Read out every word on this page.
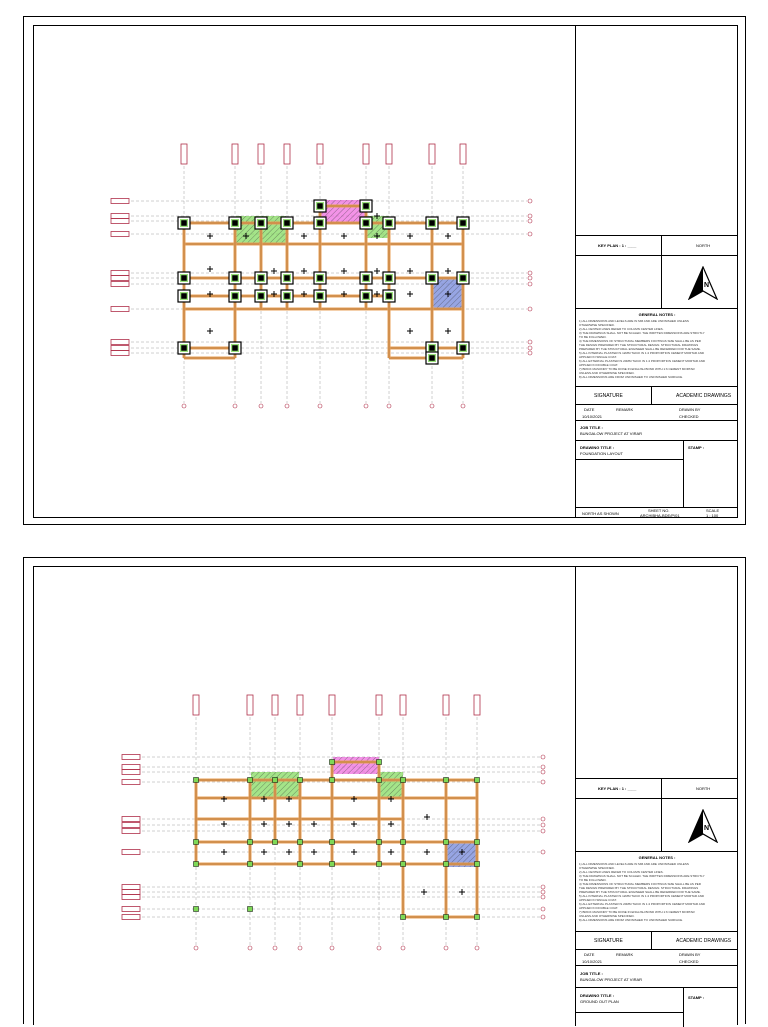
KEY PLAN : 1 : ____	NORTH
N
GENERAL NOTES :
1) ALL DIMENSIONS AND LEVELS ARE IN MM AND ARE UNFINISHED UNLESS
OTHERWISE SPECIFIED.
2) ALL CENTER LINES REFER TO COLUMN CENTER LINES.
3) THE DRAWINGS SHALL NOT BE SCALED. THE WRITTEN DIMENSIONS ARE STRICTLY
TO BE FOLLOWED.
4) THE DIMENSIONS OF STRUCTURAL MEMBERS FOOTINGS SIZE SHALL BE AS PER
THE DESIGN PREPARED BY THE STRUCTURAL DESIGN. STRUCTURAL DRAWINGS
PREPARED BY THE STRUCTURAL ENGINEER SHALL BE REFERRED FOR THE SAME.
5) ALL INTERNAL PLASTER IS 12MM THICK IN 1:4 PROPORTION CEMENT MORTAR AND
APPLIED IN SINGLE COAT.
6) ALL EXTERNAL PLASTER IS 20MM THICK IN 1:4 PROPORTION CEMENT MORTAR AND
APPLIED IN DOUBLE COAT.
7) BRICK MASONRY TO BE DONE IN ENGLISH BOND WITH 1:6 CEMENT MORTAR
UNLESS AND OTHERWISE SPECIFIED.
8) ALL DIMENSIONS ARE FROM UNFINISHED TO UNFINISHED SURFACE.
SIGNATURE	ACADEMIC DRAWINGS
DATE	REMARK	DRAWN BY
10/10/2021	CHECKED
JOB TITLE :
BUNGALOW PROJECT AT VIRAR
DRAWING TITLE :
FOUNDATION LAYOUT
STAMP :
NORTH AS SHOWN
SHEET NO.
ARCHIBHA-BDE/P/01
SCALE
1 : 100
KEY PLAN : 1 : ____	NORTH
N
GENERAL NOTES :
1) ALL DIMENSIONS AND LEVELS ARE IN MM AND ARE UNFINISHED UNLESS
OTHERWISE SPECIFIED.
2) ALL CENTER LINES REFER TO COLUMN CENTER LINES.
3) THE DRAWINGS SHALL NOT BE SCALED. THE WRITTEN DIMENSIONS ARE STRICTLY
TO BE FOLLOWED.
4) THE DIMENSIONS OF STRUCTURAL MEMBERS FOOTINGS SIZE SHALL BE AS PER
THE DESIGN PREPARED BY THE STRUCTURAL DESIGN. STRUCTURAL DRAWINGS
PREPARED BY THE STRUCTURAL ENGINEER SHALL BE REFERRED FOR THE SAME.
5) ALL INTERNAL PLASTER IS 12MM THICK IN 1:4 PROPORTION CEMENT MORTAR AND
APPLIED IN SINGLE COAT.
6) ALL EXTERNAL PLASTER IS 20MM THICK IN 1:4 PROPORTION CEMENT MORTAR AND
APPLIED IN DOUBLE COAT.
7) BRICK MASONRY TO BE DONE IN ENGLISH BOND WITH 1:6 CEMENT MORTAR
UNLESS AND OTHERWISE SPECIFIED.
8) ALL DIMENSIONS ARE FROM UNFINISHED TO UNFINISHED SURFACE.
SIGNATURE	ACADEMIC DRAWINGS
DATE	REMARK	DRAWN BY
10/10/2021	CHECKED
JOB TITLE :
BUNGALOW PROJECT AT VIRAR
DRAWING TITLE :
GROUND OUT PLAN
STAMP :
